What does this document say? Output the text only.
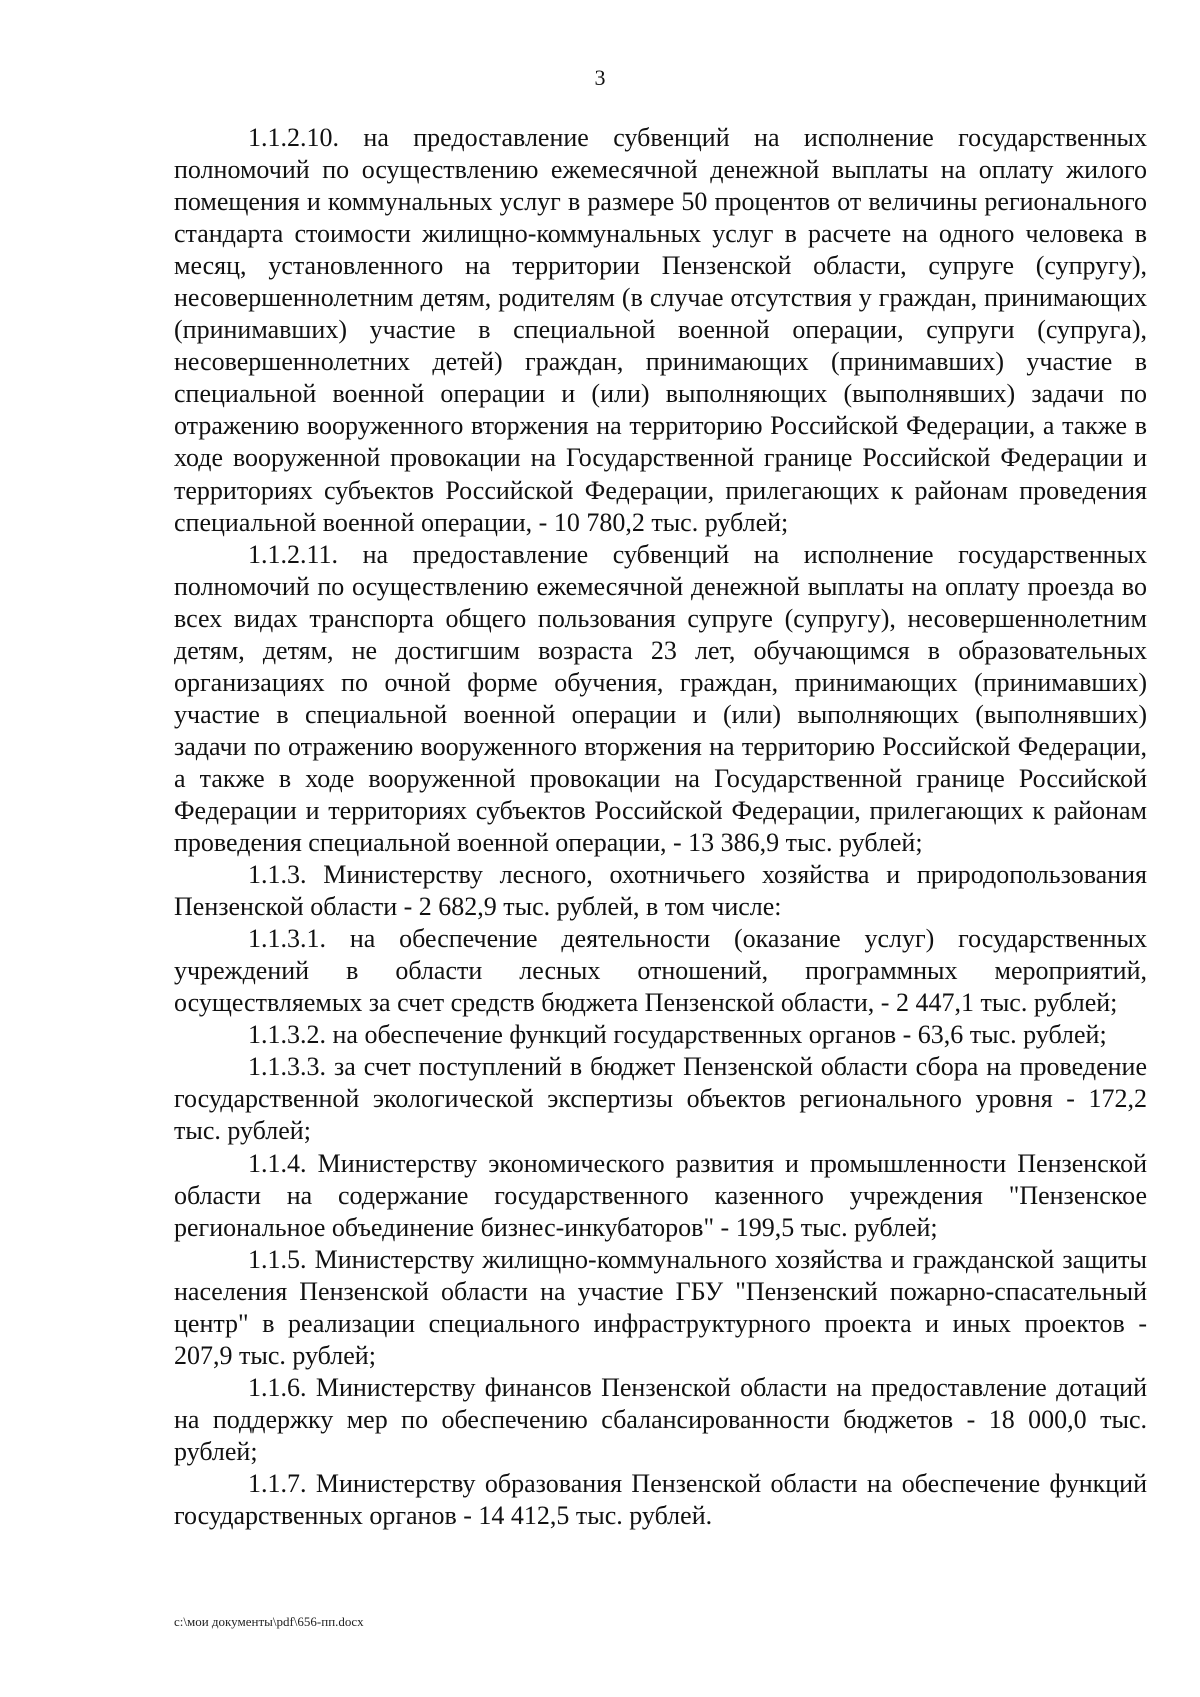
3

1.1.2.10. на предоставление субвенций на исполнение государственных полномочий по осуществлению ежемесячной денежной выплаты на оплату жилого помещения и коммунальных услуг в размере 50 процентов от величины регионального стандарта стоимости жилищно-коммунальных услуг в расчете на одного человека в месяц, установленного на территории Пензенской области, супруге (супругу), несовершеннолетним детям, родителям (в случае отсутствия у граждан, принимающих (принимавших) участие в специальной военной операции, супруги (супруга), несовершеннолетних детей) граждан, принимающих (принимавших) участие в специальной военной операции и (или) выполняющих (выполнявших) задачи по отражению вооруженного вторжения на территорию Российской Федерации, а также в ходе вооруженной провокации на Государственной границе Российской Федерации и территориях субъектов Российской Федерации, прилегающих к районам проведения специальной военной операции, - 10 780,2 тыс. рублей;

1.1.2.11. на предоставление субвенций на исполнение государственных полномочий по осуществлению ежемесячной денежной выплаты на оплату проезда во всех видах транспорта общего пользования супруге (супругу), несовершеннолетним детям, детям, не достигшим возраста 23 лет, обучающимся в образовательных организациях по очной форме обучения, граждан, принимающих (принимавших) участие в специальной военной операции и (или) выполняющих (выполнявших) задачи по отражению вооруженного вторжения на территорию Российской Федерации, а также в ходе вооруженной провокации на Государственной границе Российской Федерации и территориях субъектов Российской Федерации, прилегающих к районам проведения специальной военной операции, - 13 386,9 тыс. рублей;

1.1.3. Министерству лесного, охотничьего хозяйства и природопользования Пензенской области - 2 682,9 тыс. рублей, в том числе:

1.1.3.1. на обеспечение деятельности (оказание услуг) государственных учреждений в области лесных отношений, программных мероприятий, осуществляемых за счет средств бюджета Пензенской области, - 2 447,1 тыс. рублей;

1.1.3.2. на обеспечение функций государственных органов - 63,6 тыс. рублей;

1.1.3.3. за счет поступлений в бюджет Пензенской области сбора на проведение государственной экологической экспертизы объектов регионального уровня - 172,2 тыс. рублей;

1.1.4. Министерству экономического развития и промышленности Пензенской области на содержание государственного казенного учреждения "Пензенское региональное объединение бизнес-инкубаторов" - 199,5 тыс. рублей;

1.1.5. Министерству жилищно-коммунального хозяйства и гражданской защиты населения Пензенской области на участие ГБУ "Пензенский пожарно-спасательный центр" в реализации специального инфраструктурного проекта и иных проектов - 207,9 тыс. рублей;

1.1.6. Министерству финансов Пензенской области на предоставление дотаций на поддержку мер по обеспечению сбалансированности бюджетов - 18 000,0 тыс. рублей;

1.1.7. Министерству образования Пензенской области на обеспечение функций государственных органов - 14 412,5 тыс. рублей.

c:\мои документы\pdf\656-пп.docx
